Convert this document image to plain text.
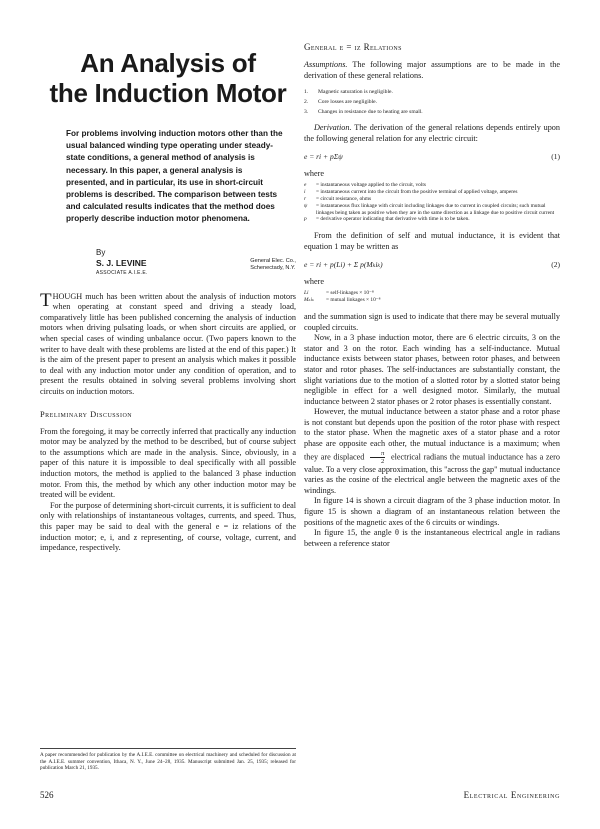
An Analysis of
the Induction Motor

For problems involving induction motors other than the usual balanced winding type operating under steady-state conditions, a general method of analysis is necessary. In this paper, a general analysis is presented, and in particular, its use in short-circuit problems is described. The comparison between tests and calculated results indicates that the method does properly describe induction motor phenomena.

By
S. J. LEVINE
ASSOCIATE A.I.E.E.
General Elec. Co.,
Schenectady, N.Y.

THOUGH much has been written about the analysis of induction motors when operating at constant speed and driving a steady load, comparatively little has been published concerning the analysis of induction motors when driving pulsating loads, or when short circuits are applied, or when special cases of winding unbalance occur. (Two papers known to the writer to have dealt with these problems are listed at the end of this paper.) It is the aim of the present paper to present an analysis which makes it possible to deal with any induction motor under any condition of operation, and to present the results obtained in solving several problems involving short circuits on induction motors.

Preliminary Discussion

From the foregoing, it may be correctly inferred that practically any induction motor may be analyzed by the method to be described, but of course subject to the assumptions which are made in the analysis. Since, obviously, in a paper of this nature it is impossible to deal specifically with all possible induction motors, the method is applied to the balanced 3 phase induction motor. From this, the method by which any other induction motor may be treated will be evident.

For the purpose of determining short-circuit currents, it is sufficient to deal only with relationships of instantaneous voltages, currents, and speed. Thus, this paper may be said to deal with the general e = iz relations of the induction motor; e, i, and z representing, of course, voltage, current, and impedance, respectively.

A paper recommended for publication by the A.I.E.E. committee on electrical machinery and scheduled for discussion at the A.I.E.E. summer convention, Ithaca, N. Y., June 24–28, 1935. Manuscript submitted Jan. 25, 1935; released for publication March 21, 1935.
General e = iz Relations

Assumptions. The following major assumptions are to be made in the derivation of these general relations.

1.	Magnetic saturation is negligible.
2.	Core losses are negligible.
3.	Changes in resistance due to heating are small.

Derivation. The derivation of the general relations depends entirely upon the following general relation for any electric circuit:

e = ri + pΣψ	(1)
where
e	= instantaneous voltage applied to the circuit, volts
i	= instantaneous current into the circuit from the positive terminal of applied voltage, amperes
r	= circuit resistance, ohms
ψ	= instantaneous flux linkage with circuit including linkages due to current in coupled circuits; such mutual linkages being taken as positive when they are in the same direction as a linkage due to positive circuit current
p	= derivative operator indicating that derivative with time is to be taken.

From the definition of self and mutual inductance, it is evident that equation 1 may be written as

e = ri + p(Li) + Σ p(Mₖiₖ)	(2)
where
Li	= self-linkages × 10⁻⁸
Mₖiₖ	= mutual linkages × 10⁻⁸

and the summation sign is used to indicate that there may be several mutually coupled circuits.

Now, in a 3 phase induction motor, there are 6 electric circuits, 3 on the stator and 3 on the rotor. Each winding has a self-inductance. Mutual inductance exists between stator phases, between rotor phases, and between stator and rotor phases. The self-inductances are substantially constant, the slight variations due to the motion of a slotted rotor by a slotted stator being negligible in effect for a well designed motor. Similarly, the mutual inductance between 2 stator phases or 2 rotor phases is essentially constant.

However, the mutual inductance between a stator phase and a rotor phase is not constant but depends upon the position of the rotor phase with respect to the stator phase. When the magnetic axes of a stator phase and a rotor phase are opposite each other, the mutual inductance is a maximum; when they are displaced $\frac{\pi}{2}$ electrical radians the mutual inductance has a zero value. To a very close approximation, this "across the gap" mutual inductance varies as the cosine of the electrical angle between the magnetic axes of the windings.

In figure 14 is shown a circuit diagram of the 3 phase induction motor. In figure 15 is shown a diagram of an instantaneous relation between the positions of the magnetic axes of the 6 circuits or windings.

In figure 15, the angle θ is the instantaneous electrical angle in radians between a reference stator

526	Electrical Engineering
